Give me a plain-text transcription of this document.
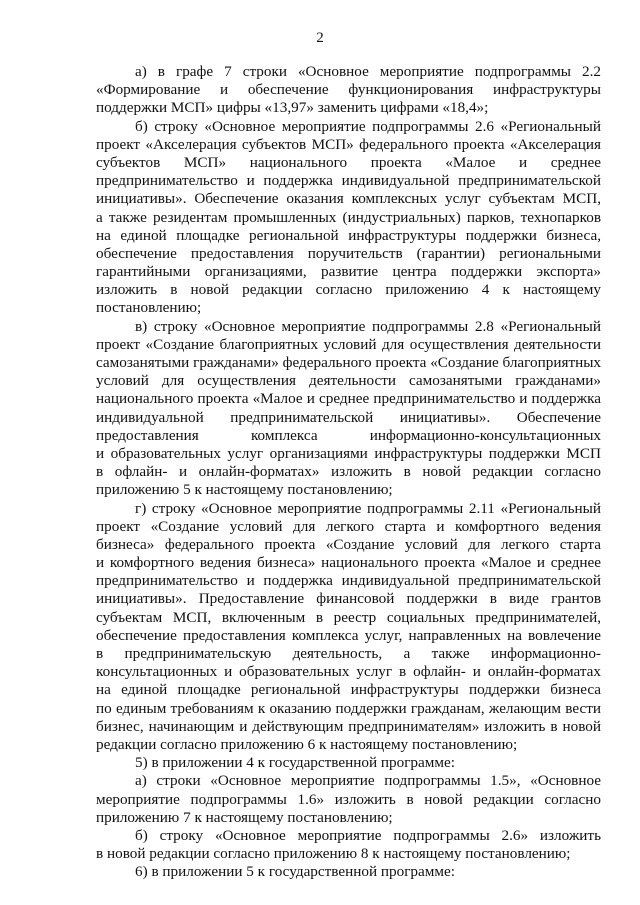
2
а) в графе 7 строки «Основное мероприятие подпрограммы 2.2
«Формирование и обеспечение функционирования инфраструктуры
поддержки МСП» цифры «13,97» заменить цифрами «18,4»;
б) строку «Основное мероприятие подпрограммы 2.6 «Региональный
проект «Акселерация субъектов МСП» федерального проекта «Акселерация
субъектов МСП» национального проекта «Малое и среднее
предпринимательство и поддержка индивидуальной предпринимательской
инициативы». Обеспечение оказания комплексных услуг субъектам МСП,
а также резидентам промышленных (индустриальных) парков, технопарков
на единой площадке региональной инфраструктуры поддержки бизнеса,
обеспечение предоставления поручительств (гарантии) региональными
гарантийными организациями, развитие центра поддержки экспорта»
изложить в новой редакции согласно приложению 4 к настоящему
постановлению;
в) строку «Основное мероприятие подпрограммы 2.8 «Региональный
проект «Создание благоприятных условий для осуществления деятельности
самозанятыми гражданами» федерального проекта «Создание благоприятных
условий для осуществления деятельности самозанятыми гражданами»
национального проекта «Малое и среднее предпринимательство и поддержка
индивидуальной предпринимательской инициативы». Обеспечение
предоставления комплекса информационно-консультационных
и образовательных услуг организациями инфраструктуры поддержки МСП
в офлайн- и онлайн-форматах» изложить в новой редакции согласно
приложению 5 к настоящему постановлению;
г) строку «Основное мероприятие подпрограммы 2.11 «Региональный
проект «Создание условий для легкого старта и комфортного ведения
бизнеса» федерального проекта «Создание условий для легкого старта
и комфортного ведения бизнеса» национального проекта «Малое и среднее
предпринимательство и поддержка индивидуальной предпринимательской
инициативы». Предоставление финансовой поддержки в виде грантов
субъектам МСП, включенным в реестр социальных предпринимателей,
обеспечение предоставления комплекса услуг, направленных на вовлечение
в предпринимательскую деятельность, а также информационно-
консультационных и образовательных услуг в офлайн- и онлайн-форматах
на единой площадке региональной инфраструктуры поддержки бизнеса
по единым требованиям к оказанию поддержки гражданам, желающим вести
бизнес, начинающим и действующим предпринимателям» изложить в новой
редакции согласно приложению 6 к настоящему постановлению;
5) в приложении 4 к государственной программе:
а) строки «Основное мероприятие подпрограммы 1.5», «Основное
мероприятие подпрограммы 1.6» изложить в новой редакции согласно
приложению 7 к настоящему постановлению;
б) строку «Основное мероприятие подпрограммы 2.6» изложить
в новой редакции согласно приложению 8 к настоящему постановлению;
6) в приложении 5 к государственной программе:
